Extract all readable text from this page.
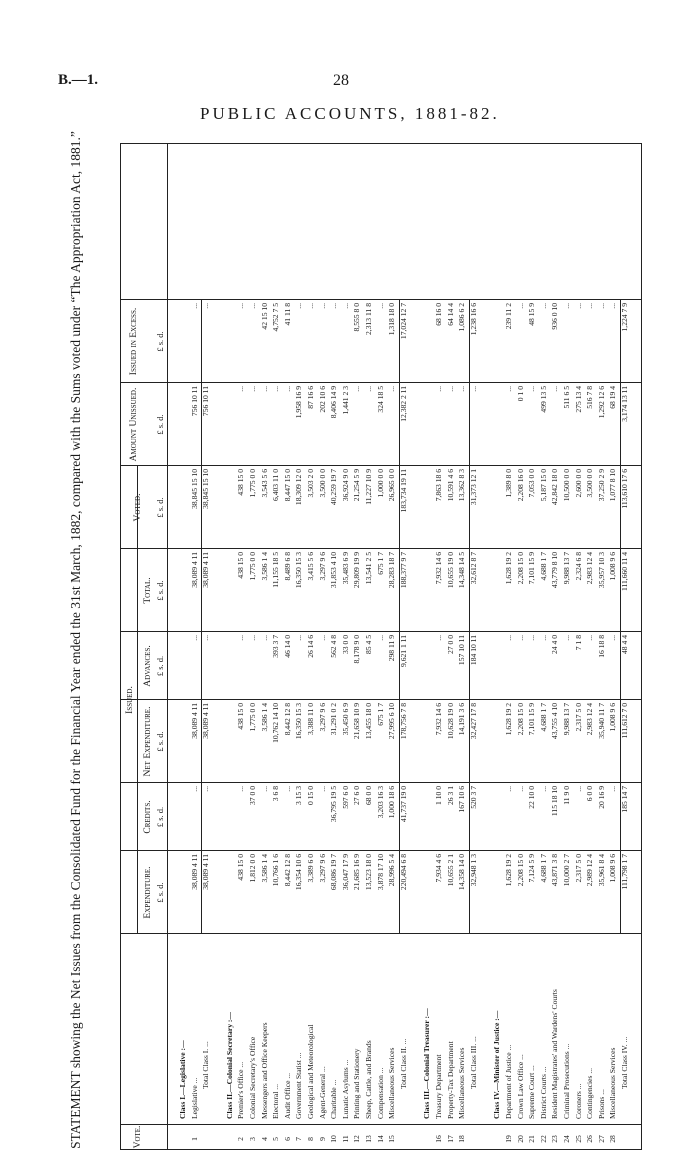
B.—1.	28
PUBLIC ACCOUNTS, 1881-82.
STATEMENT showing the Net Issues from the Consolidated Fund for the Financial Year ended the 31st March, 1882, compared with the Sums voted under “The Appropriation Act, 1881.”	Vote.
Issued.
Expenditure.
Credits.
Net Expenditure.
Advances.
Total.
Voted.
Amount Unissued.
Issued in Excess.
£ s. d.
£ s. d.
£ s. d.
£ s. d.
£ s. d.
£ s. d.
£ s. d.
£ s. d.
Class I.—Legislative :—
1
Legislative ...
38,089 4 11
...
38,089 4 11
...
38,089 4 11
38,845 15 10
756 10 11
...
Total Class I. ...
38,089 4 11
...
38,089 4 11
...
38,089 4 11
38,845 15 10
756 10 11
...
Class II.—Colonial Secretary :—
2
Premier's Office ...
438 15 0
...
438 15 0
...
438 15 0
438 15 0
...
...
3
Colonial Secretary's Office
1,812 0 0
37 0 0
1,775 0 0
...
1,775 0 0
1,775 0 0
...
...
4
Messengers and Office Keepers
3,586 1 4
...
3,586 1 4
...
3,586 1 4
3,543 5 6
...
42 15 10
5
Electoral ...
10,766 1 6
3 6 8
10,762 14 10
393 3 7
11,155 18 5
6,403 11 0
...
4,752 7 5
6
Audit Office ...
8,442 12 8
...
8,442 12 8
46 14 0
8,489 6 8
8,447 15 0
...
41 11 8
7
Government Statist ...
16,354 10 6
3 15 3
16,350 15 3
...
16,350 15 3
18,309 12 0
1,958 16 9
...
8
Geological and Meteorological
3,389 6 0
0 15 0
3,388 11 0
26 14 6
3,415 5 6
3,503 2 0
87 16 6
...
9
Agent-General ...
3,297 9 6
...
3,297 9 6
...
3,297 9 6
3,500 0 0
202 10 6
...
10
Charitable ...
68,086 19 7
36,795 19 5
31,291 0 2
562 4 8
31,853 4 10
40,259 19 7
8,406 14 9
...
11
Lunatic Asylums ...
36,047 17 9
597 6 0
35,450 6 9
33 0 0
35,483 6 9
36,924 9 0
1,441 2 3
...
12
Printing and Stationery
21,685 16 9
27 6 0
21,658 10 9
8,178 9 0
29,809 19 9
21,254 5 9
...
8,555 8 0
13
Sheep, Cattle, and Brands
13,523 18 0
68 0 0
13,455 18 0
85 4 5
13,541 2 5
11,227 10 9
...
2,313 11 8
14
Compensation ...
3,878 17 10
3,203 16 3
675 1 7
...
675 1 7
1,000 0 0
324 18 5
...
15
Miscellaneous Services
28,996 5 4
1,000 18 6
27,995 6 10
298 11 9
28,283 18 7
26,965 0 0
...
1,318 18 0
Total Class II. ...
220,494 6 8
41,737 19 0
178,756 7 8
9,621 1 11
188,377 9 7
183,734 19 11
12,382 2 11
17,024 12 7
Class III.—Colonial Treasurer :—
16
Treasury Department
7,934 4 6
1 10 0
7,932 14 6
...
7,932 14 6
7,863 18 6
...
68 16 0
17
Property-Tax Department
10,655 2 1
26 3 1
10,628 19 0
27 0 0
10,655 19 0
10,591 4 6
...
64 14 4
18
Miscellaneous Services
14,358 14 0
167 10 6
14,191 3 6
157 10 11
14,348 14 5
13,362 8 3
...
1,086 6 2
Total Class III. ...
32,948 1 3
520 3 7
32,427 17 8
184 10 11
32,612 8 7
31,373 12 1
...
1,238 16 6
Class IV.—Minister of Justice :—
19
Department of Justice ...
1,628 19 2
...
1,628 19 2
...
1,628 19 2
1,389 8 0
...
239 11 2
20
Crown Law Office ...
2,208 15 0
...
2,208 15 0
...
2,208 15 0
2,208 16 0
0 1 0
...
21
Supreme Court ...
7,124 5 9
22 10 0
7,101 15 9
...
7,101 15 9
7,053 0 0
...
48 15 9
22
District Courts ...
4,688 1 7
...
4,688 1 7
...
4,688 1 7
5,187 15 0
499 13 5
...
23
Resident Magistrates' and Wardens' Courts
43,871 3 8
115 18 10
43,755 4 10
24 4 0
43,779 8 10
42,842 18 0
...
936 0 10
24
Criminal Prosecutions ...
10,000 2 7
11 9 0
9,988 13 7
...
9,988 13 7
10,500 0 0
511 6 5
...
25
Coroners ...
2,317 5 0
...
2,317 5 0
7 1 8
2,324 6 8
2,600 0 0
275 13 4
...
26
Contingencies ...
2,989 12 4
6 0 0
2,983 12 4
...
2,983 12 4
3,500 0 0
516 7 8
...
27
Prisons ...
35,961 8 4
20 16 9
35,940 11 7
16 18 8
35,957 10 3
37,250 2 9
1,292 12 6
...
28
Miscellaneous Services
1,008 9 6
...
1,008 9 6
...
1,008 9 6
1,077 8 10
68 19 4
...
Total Class IV. ...
111,798 1 7
185 14 7
111,612 7 0
48 4 4
111,660 11 4
113,610 17 6
3,174 13 11
1,224 7 9
